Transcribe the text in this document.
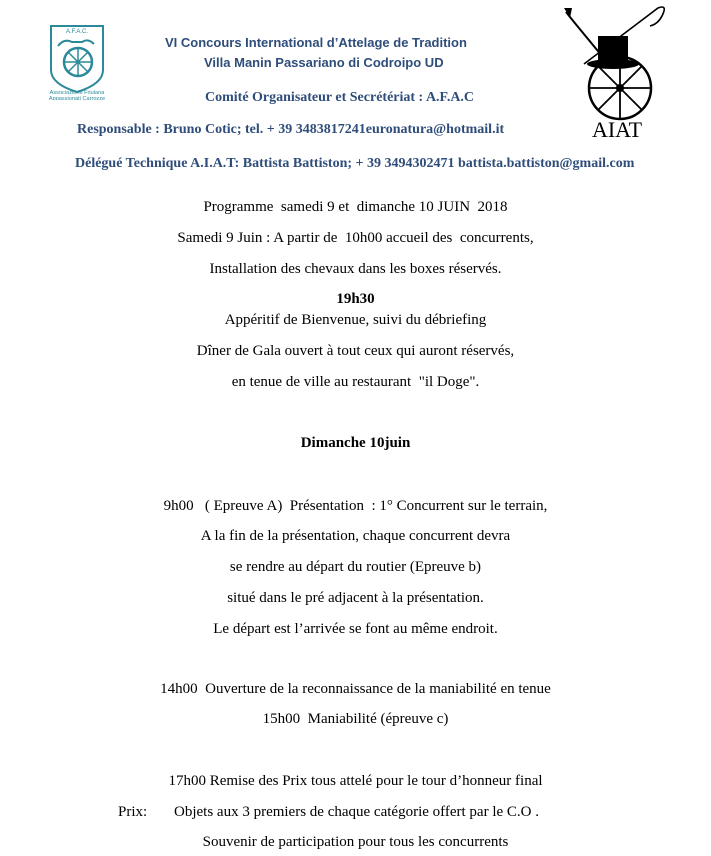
A.F.A.C.
Associazione Friulana
Appassionati Carrozze
AIAT
VI Concours International d’Attelage de Tradition
Villa Manin Passariano di Codroipo UD
Comité Organisateur et Secrétériat : A.F.A.C
Responsable : Bruno Cotic; tel. + 39 3483817241euronatura@hotmail.it
Délégué Technique A.I.A.T: Battista Battiston; + 39 3494302471 battista.battiston@gmail.com
Programme  samedi 9 et  dimanche 10 JUIN  2018
Samedi 9 Juin : A partir de  10h00 accueil des  concurrents,
Installation des chevaux dans les boxes réservés.
19h30
Appéritif de Bienvenue, suivi du débriefing
Dîner de Gala ouvert à tout ceux qui auront réservés,
en tenue de ville au restaurant  "il Doge".
Dimanche 10juin
9h00   ( Epreuve A)  Présentation  : 1° Concurrent sur le terrain,
A la fin de la présentation, chaque concurrent devra
se rendre au départ du routier (Epreuve b)
situé dans le pré adjacent à la présentation.
Le départ est l’arrivée se font au même endroit.
14h00  Ouverture de la reconnaissance de la maniabilité en tenue
15h00  Maniabilité (épreuve c)
17h00 Remise des Prix tous attelé pour le tour d’honneur final
Prix: Objets aux 3 premiers de chaque catégorie offert par le C.O .
Souvenir de participation pour tous les concurrents
